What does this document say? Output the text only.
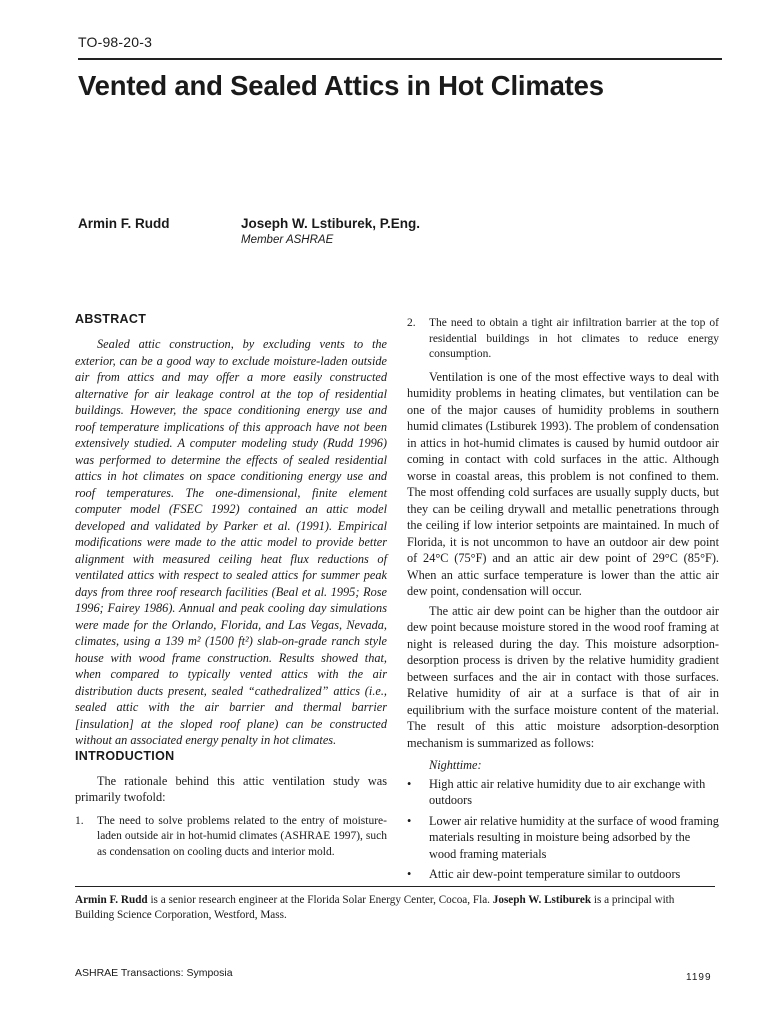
TO-98-20-3
Vented and Sealed Attics in Hot Climates
Armin F. Rudd	Joseph W. Lstiburek, P.Eng.
Member ASHRAE
ABSTRACT

Sealed attic construction, by excluding vents to the exterior, can be a good way to exclude moisture-laden outside air from attics and may offer a more easily constructed alternative for air leakage control at the top of residential buildings. However, the space conditioning energy use and roof temperature implications of this approach have not been extensively studied. A computer modeling study (Rudd 1996) was performed to determine the effects of sealed residential attics in hot climates on space conditioning energy use and roof temperatures. The one-dimensional, finite element computer model (FSEC 1992) contained an attic model developed and validated by Parker et al. (1991). Empirical modifications were made to the attic model to provide better alignment with measured ceiling heat flux reductions of ventilated attics with respect to sealed attics for summer peak days from three roof research facilities (Beal et al. 1995; Rose 1996; Fairey 1986). Annual and peak cooling day simulations were made for the Orlando, Florida, and Las Vegas, Nevada, climates, using a 139 m² (1500 ft²) slab-on-grade ranch style house with wood frame construction. Results showed that, when compared to typically vented attics with the air distribution ducts present, sealed “cathedralized” attics (i.e., sealed attic with the air barrier and thermal barrier [insulation] at the sloped roof plane) can be constructed without an associated energy penalty in hot climates.

INTRODUCTION

The rationale behind this attic ventilation study was primarily twofold:

1. The need to solve problems related to the entry of moisture-laden outside air in hot-humid climates (ASHRAE 1997), such as condensation on cooling ducts and interior mold.
2. The need to obtain a tight air infiltration barrier at the top of residential buildings in hot climates to reduce energy consumption.

Ventilation is one of the most effective ways to deal with humidity problems in heating climates, but ventilation can be one of the major causes of humidity problems in southern humid climates (Lstiburek 1993). The problem of condensation in attics in hot-humid climates is caused by humid outdoor air coming in contact with cold surfaces in the attic. Although worse in coastal areas, this problem is not confined to them. The most offending cold surfaces are usually supply ducts, but they can be ceiling drywall and metallic penetrations through the ceiling if low interior setpoints are maintained. In much of Florida, it is not uncommon to have an outdoor air dew point of 24°C (75°F) and an attic air dew point of 29°C (85°F). When an attic surface temperature is lower than the attic air dew point, condensation will occur.

The attic air dew point can be higher than the outdoor air dew point because moisture stored in the wood roof framing at night is released during the day. This moisture adsorption-desorption process is driven by the relative humidity gradient between surfaces and the air in contact with those surfaces. Relative humidity of air at a surface is that of air in equilibrium with the surface moisture content of the material. The result of this attic moisture adsorption-desorption mechanism is summarized as follows:

Nighttime:
• High attic air relative humidity due to air exchange with outdoors
• Lower air relative humidity at the surface of wood framing materials resulting in moisture being adsorbed by the wood framing materials
• Attic air dew-point temperature similar to outdoors
Armin F. Rudd is a senior research engineer at the Florida Solar Energy Center, Cocoa, Fla. Joseph W. Lstiburek is a principal with Building Science Corporation, Westford, Mass.
ASHRAE Transactions: Symposia	1199
